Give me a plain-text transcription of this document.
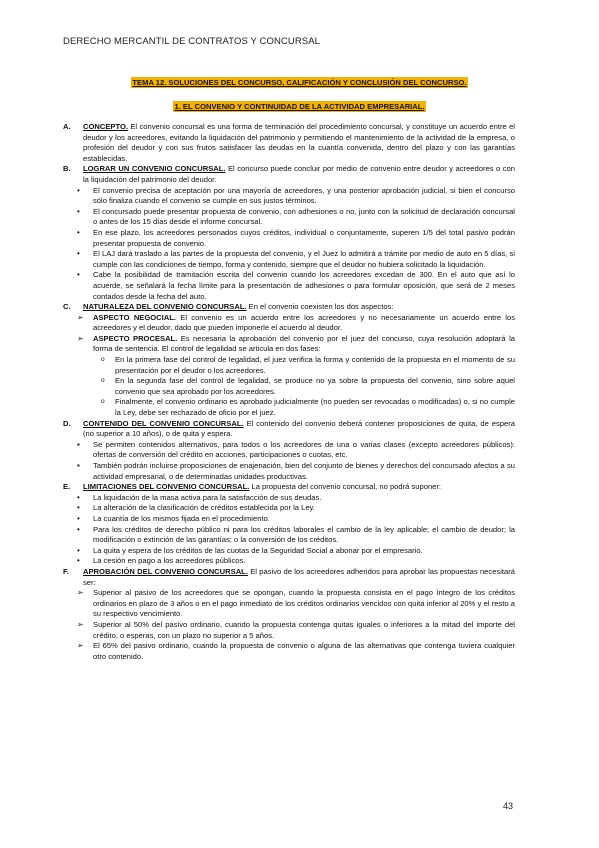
DERECHO MERCANTIL DE CONTRATOS Y CONCURSAL
TEMA 12. SOLUCIONES DEL CONCURSO, CALIFICACIÓN Y CONCLUSIÓN DEL CONCURSO.
1. EL CONVENIO Y CONTINUIDAD DE LA ACTIVIDAD EMPRESARIAL.
A. CONCEPTO. El convenio concursal es una forma de terminación del procedimiento concursal, y constituye un acuerdo entre el deudor y los acreedores, evitando la liquidación del patrimonio y permitiendo el mantenimiento de la actividad de la empresa, o profesión del deudor y con sus frutos satisfacer las deudas en la cuantía convenida, dentro del plazo y con las garantías establecidas.
B. LOGRAR UN CONVENIO CONCURSAL. El concurso puede concluir por medio de convenio entre deudor y acreedores o con la liquidación del patrimonio del deudor.
• El convenio precisa de aceptación por una mayoría de acreedores, y una posterior aprobación judicial, si bien el concurso sólo finaliza cuando el convenio se cumple en sus justos términos.
• El concursado puede presentar propuesta de convenio, con adhesiones o no, junto con la solicitud de declaración concursal o antes de los 15 días desde el informe concursal.
• En ese plazo, los acreedores personados cuyos créditos, individual o conjuntamente, superen 1/5 del total pasivo podrán presentar propuesta de convenio.
• El LAJ dará traslado a las partes de la propuesta del convenio, y el Juez lo admitirá a trámite por medio de auto en 5 días, si cumple con las condiciones de tiempo, forma y contenido, siempre que el deudor no hubiera solicitado la liquidación.
• Cabe la posibilidad de tramitación escrita del convenio cuando los acreedores excedan de 300. En el auto que así lo acuerde, se señalará la fecha límite para la presentación de adhesiones o para formular oposición, que será de 2 meses contados desde la fecha del auto.
C. NATURALEZA DEL CONVENIO CONCURSAL. En el convenio coexisten los dos aspectos:
➢ ASPECTO NEGOCIAL. El convenio es un acuerdo entre los acreedores y no necesariamente un acuerdo entre los acreedores y el deudor, dado que pueden imponerle el acuerdo al deudor.
➢ ASPECTO PROCESAL. Es necesaria la aprobación del convenio por el juez del concurso, cuya resolución adoptará la forma de sentencia. El control de legalidad se articula en dos fases:
o En la primera fase del control de legalidad, el juez verifica la forma y contenido de la propuesta en el momento de su presentación por el deudor o los acreedores.
o En la segunda fase del control de legalidad, se produce no ya sobre la propuesta del convenio, sino sobre aquel convenio que sea aprobado por los acreedores.
o Finalmente, el convenio ordinario es aprobado judicialmente (no pueden ser revocadas o modificadas) o, si no cumple la Ley, debe ser rechazado de oficio por el juez.
D. CONTENIDO DEL CONVENIO CONCURSAL. El contenido del convenio deberá contener proposiciones de quita, de espera (no superior a 10 años), o de quita y espera.
▪ Se permiten contenidos alternativos, para todos o los acreedores de una o varias clases (excepto acreedores públicos): ofertas de conversión del crédito en acciones, participaciones o cuotas, etc.
▪ También podrán incluirse proposiciones de enajenación, bien del conjunto de bienes y derechos del concursado afectos a su actividad empresarial, o de determinadas unidades productivas.
E. LIMITACIONES DEL CONVENIO CONCURSAL. La propuesta del convenio concursal, no podrá suponer:
• La liquidación de la masa activa para la satisfacción de sus deudas.
• La alteración de la clasificación de créditos establecida por la Ley.
• La cuantía de los mismos fijada en el procedimiento.
• Para los créditos de derecho público ni para los créditos laborales el cambio de la ley aplicable; el cambio de deudor; la modificación o extinción de las garantías; o la conversión de los créditos.
• La quita y espera de los créditos de las cuotas de la Seguridad Social a abonar por el empresario.
• La cesión en pago a los acreedores públicos.
F. APROBACIÓN DEL CONVENIO CONCURSAL. El pasivo de los acreedores adheridos para aprobar las propuestas necesitará ser:
➢ Superior al pasivo de los acreedores que se opongan, cuando la propuesta consista en el pago íntegro de los créditos ordinarios en plazo de 3 años o en el pago inmediato de los créditos ordinarios vencidos con quita inferior al 20% y el resto a su respectivo vencimiento.
➢ Superior al 50% del pasivo ordinario, cuando la propuesta contenga quitas iguales o inferiores a la mitad del importe del crédito, o esperas, con un plazo no superior a 5 años.
➢ El 65% del pasivo ordinario, cuando la propuesta de convenio o alguna de las alternativas que contenga tuviera cualquier otro contenido.
43
